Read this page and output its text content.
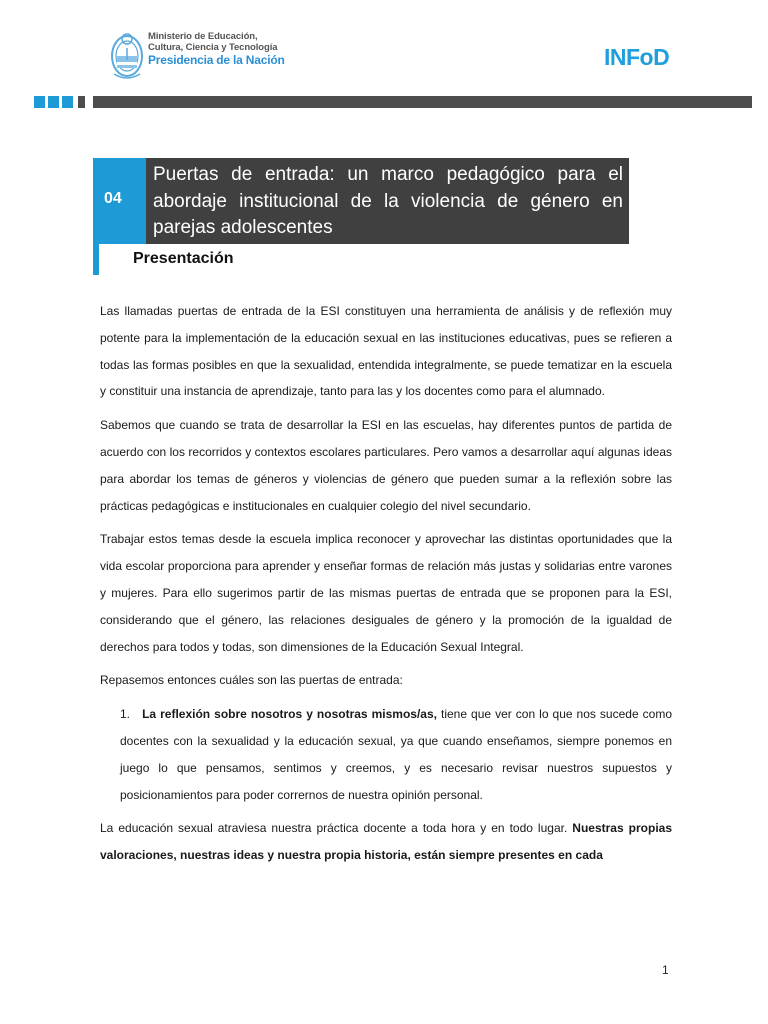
Ministerio de Educación,
Cultura, Ciencia y Tecnología
Presidencia de la Nación	INFoD
04
Puertas de entrada: un marco pedagógico para el abordaje institucional de la violencia de género en parejas adolescentes
Presentación

Las llamadas puertas de entrada de la ESI constituyen una herramienta de análisis y de reflexión muy potente para la implementación de la educación sexual en las instituciones educativas, pues se refieren a todas las formas posibles en que la sexualidad, entendida integralmente, se puede tematizar en la escuela y constituir una instancia de aprendizaje, tanto para las y los docentes como para el alumnado.

Sabemos que cuando se trata de desarrollar la ESI en las escuelas, hay diferentes puntos de partida de acuerdo con los recorridos y contextos escolares particulares. Pero vamos a desarrollar aquí algunas ideas para abordar los temas de géneros y violencias de género que pueden sumar a la reflexión sobre las prácticas pedagógicas e institucionales en cualquier colegio del nivel secundario.

Trabajar estos temas desde la escuela implica reconocer y aprovechar las distintas oportunidades que la vida escolar proporciona para aprender y enseñar formas de relación más justas y solidarias entre varones y mujeres. Para ello sugerimos partir de las mismas puertas de entrada que se proponen para la ESI, considerando que el género, las relaciones desiguales de género y la promoción de la igualdad de derechos para todos y todas, son dimensiones de la Educación Sexual Integral.

Repasemos entonces cuáles son las puertas de entrada:

1. La reflexión sobre nosotros y nosotras mismos/as, tiene que ver con lo que nos sucede como docentes con la sexualidad y la educación sexual, ya que cuando enseñamos, siempre ponemos en juego lo que pensamos, sentimos y creemos, y es necesario revisar nuestros supuestos y posicionamientos para poder corrernos de nuestra opinión personal.

La educación sexual atraviesa nuestra práctica docente a toda hora y en todo lugar. Nuestras propias valoraciones, nuestras ideas y nuestra propia historia, están siempre presentes en cada

1
